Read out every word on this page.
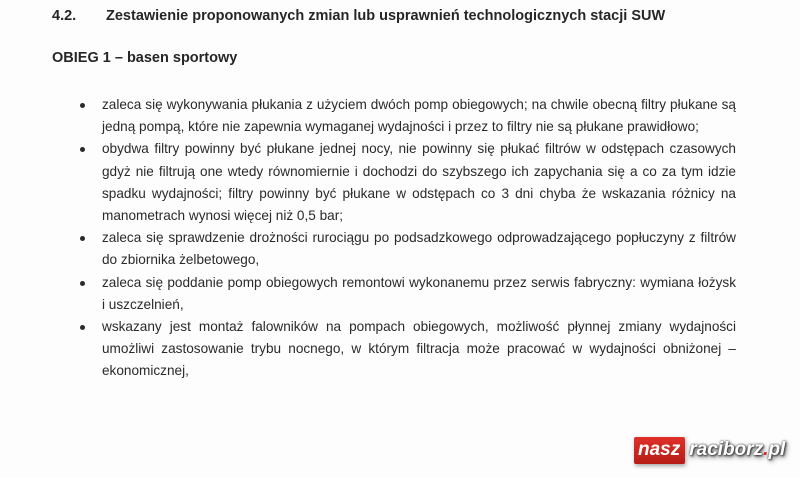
4.2. Zestawienie proponowanych zmian lub usprawnień technologicznych stacji SUW
OBIEG 1 – basen sportowy
zaleca się wykonywania płukania z użyciem dwóch pomp obiegowych; na chwile obecną filtry płukane są jedną pompą, które nie zapewnia wymaganej wydajności i przez to filtry nie są płukane prawidłowo;
obydwa filtry powinny być płukane jednej nocy, nie powinny się płukać filtrów w odstępach czasowych gdyż nie filtrują one wtedy równomiernie i dochodzi do szybszego ich zapychania się a co za tym idzie spadku wydajności; filtry powinny być płukane w odstępach co 3 dni chyba że wskazania różnicy na manometrach wynosi więcej niż 0,5 bar;
zaleca się sprawdzenie drożności rurociągu po podsadzkowego odprowadzającego popłuczyny z filtrów do zbiornika żelbetowego,
zaleca się poddanie pomp obiegowych remontowi wykonanemu przez serwis fabryczny: wymiana łożysk i uszczelnień,
wskazany jest montaż falowników na pompach obiegowych, możliwość płynnej zmiany wydajności umożliwi zastosowanie trybu nocnego, w którym filtracja może pracować w wydajności obniżonej – ekonomicznej,
nasz raciborz.pl
